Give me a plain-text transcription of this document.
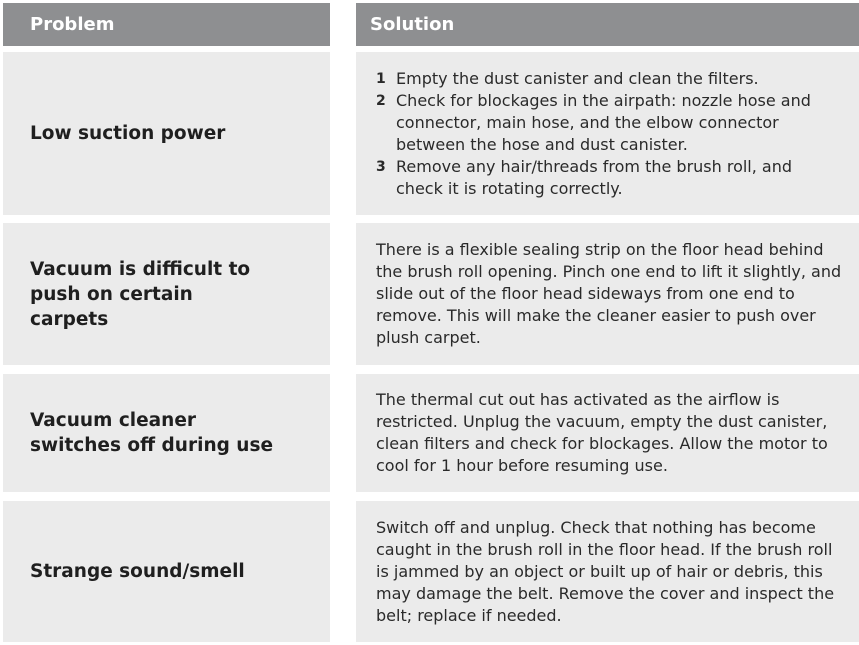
Problem	Solution
Low suction power
1 Empty the dust canister and clean the filters.
2 Check for blockages in the airpath: nozzle hose and connector, main hose, and the elbow connector between the hose and dust canister.
3 Remove any hair/threads from the brush roll, and check it is rotating correctly.
Vacuum is difficult to push on certain carpets

There is a flexible sealing strip on the floor head behind the brush roll opening. Pinch one end to lift it slightly, and slide out of the floor head sideways from one end to remove. This will make the cleaner easier to push over plush carpet.

Vacuum cleaner switches off during use

The thermal cut out has activated as the airflow is restricted. Unplug the vacuum, empty the dust canister, clean filters and check for blockages. Allow the motor to cool for 1 hour before resuming use.

Strange sound/smell

Switch off and unplug. Check that nothing has become caught in the brush roll in the floor head. If the brush roll is jammed by an object or built up of hair or debris, this may damage the belt. Remove the cover and inspect the belt; replace if needed.
